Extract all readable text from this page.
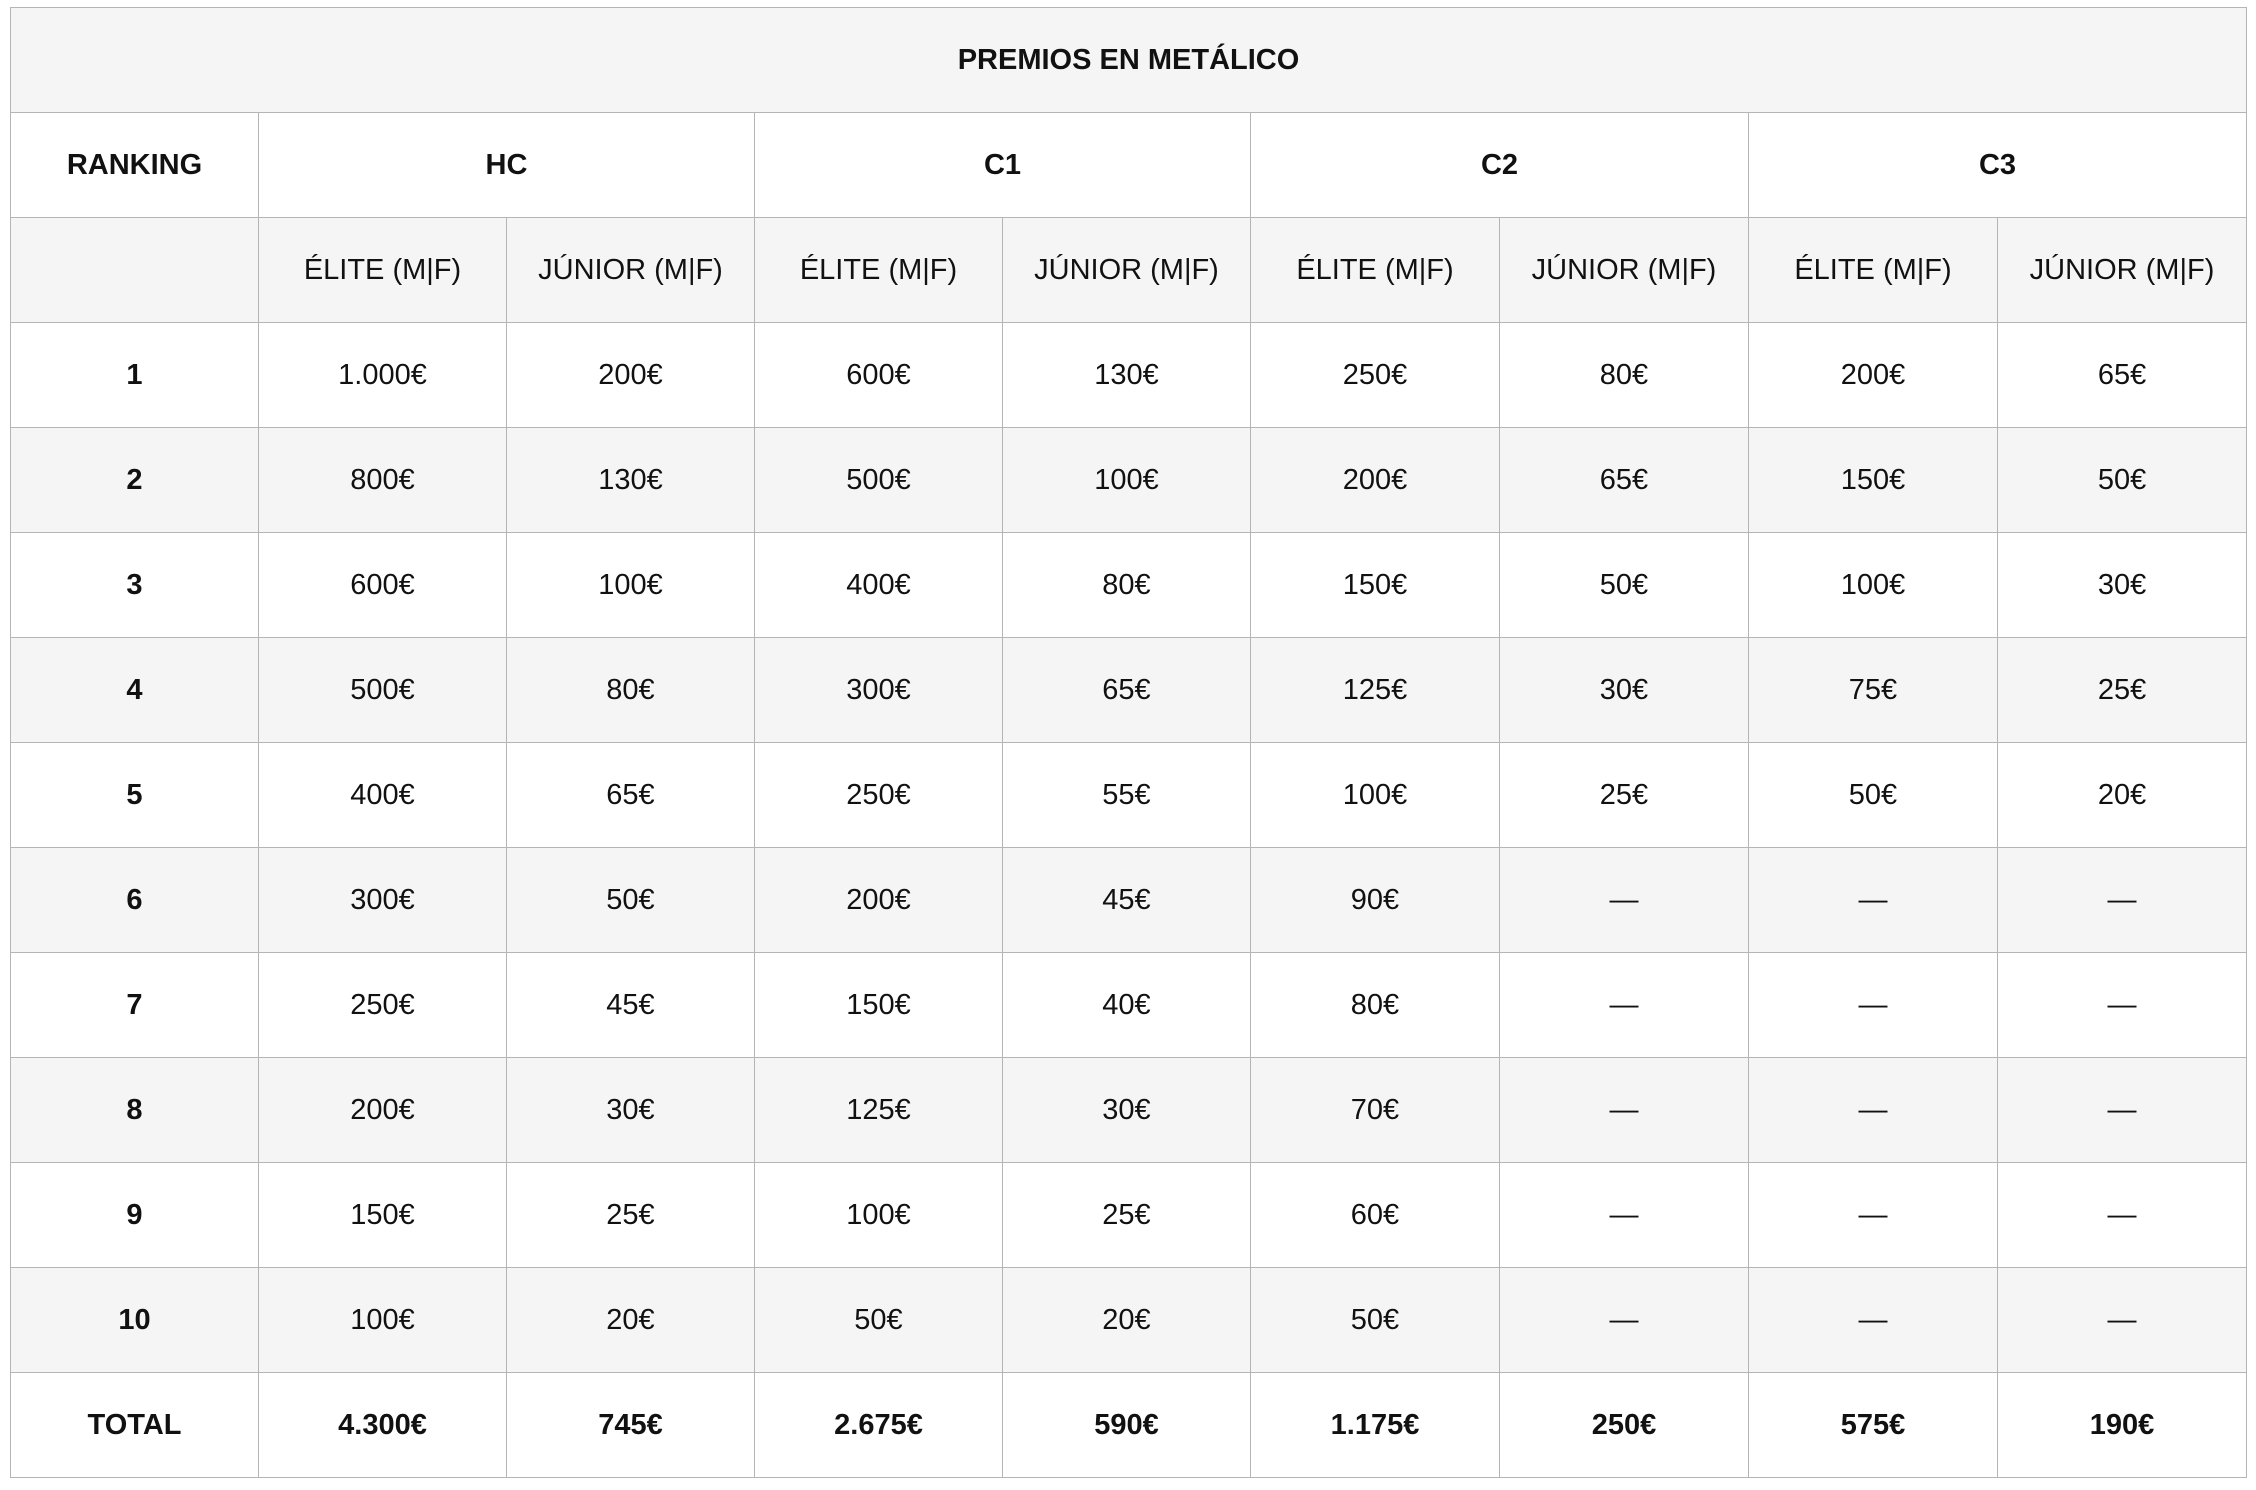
PREMIOS EN METÁLICO								
RANKING	HC		C1		C2		C3	
	ÉLITE (M|F)	JÚNIOR (M|F)	ÉLITE (M|F)	JÚNIOR (M|F)	ÉLITE (M|F)	JÚNIOR (M|F)	ÉLITE (M|F)	JÚNIOR (M|F)
1	1.000€	200€	600€	130€	250€	80€	200€	65€
2	800€	130€	500€	100€	200€	65€	150€	50€
3	600€	100€	400€	80€	150€	50€	100€	30€
4	500€	80€	300€	65€	125€	30€	75€	25€
5	400€	65€	250€	55€	100€	25€	50€	20€
6	300€	50€	200€	45€	90€	—	—	—
7	250€	45€	150€	40€	80€	—	—	—
8	200€	30€	125€	30€	70€	—	—	—
9	150€	25€	100€	25€	60€	—	—	—
10	100€	20€	50€	20€	50€	—	—	—
TOTAL	4.300€	745€	2.675€	590€	1.175€	250€	575€	190€
